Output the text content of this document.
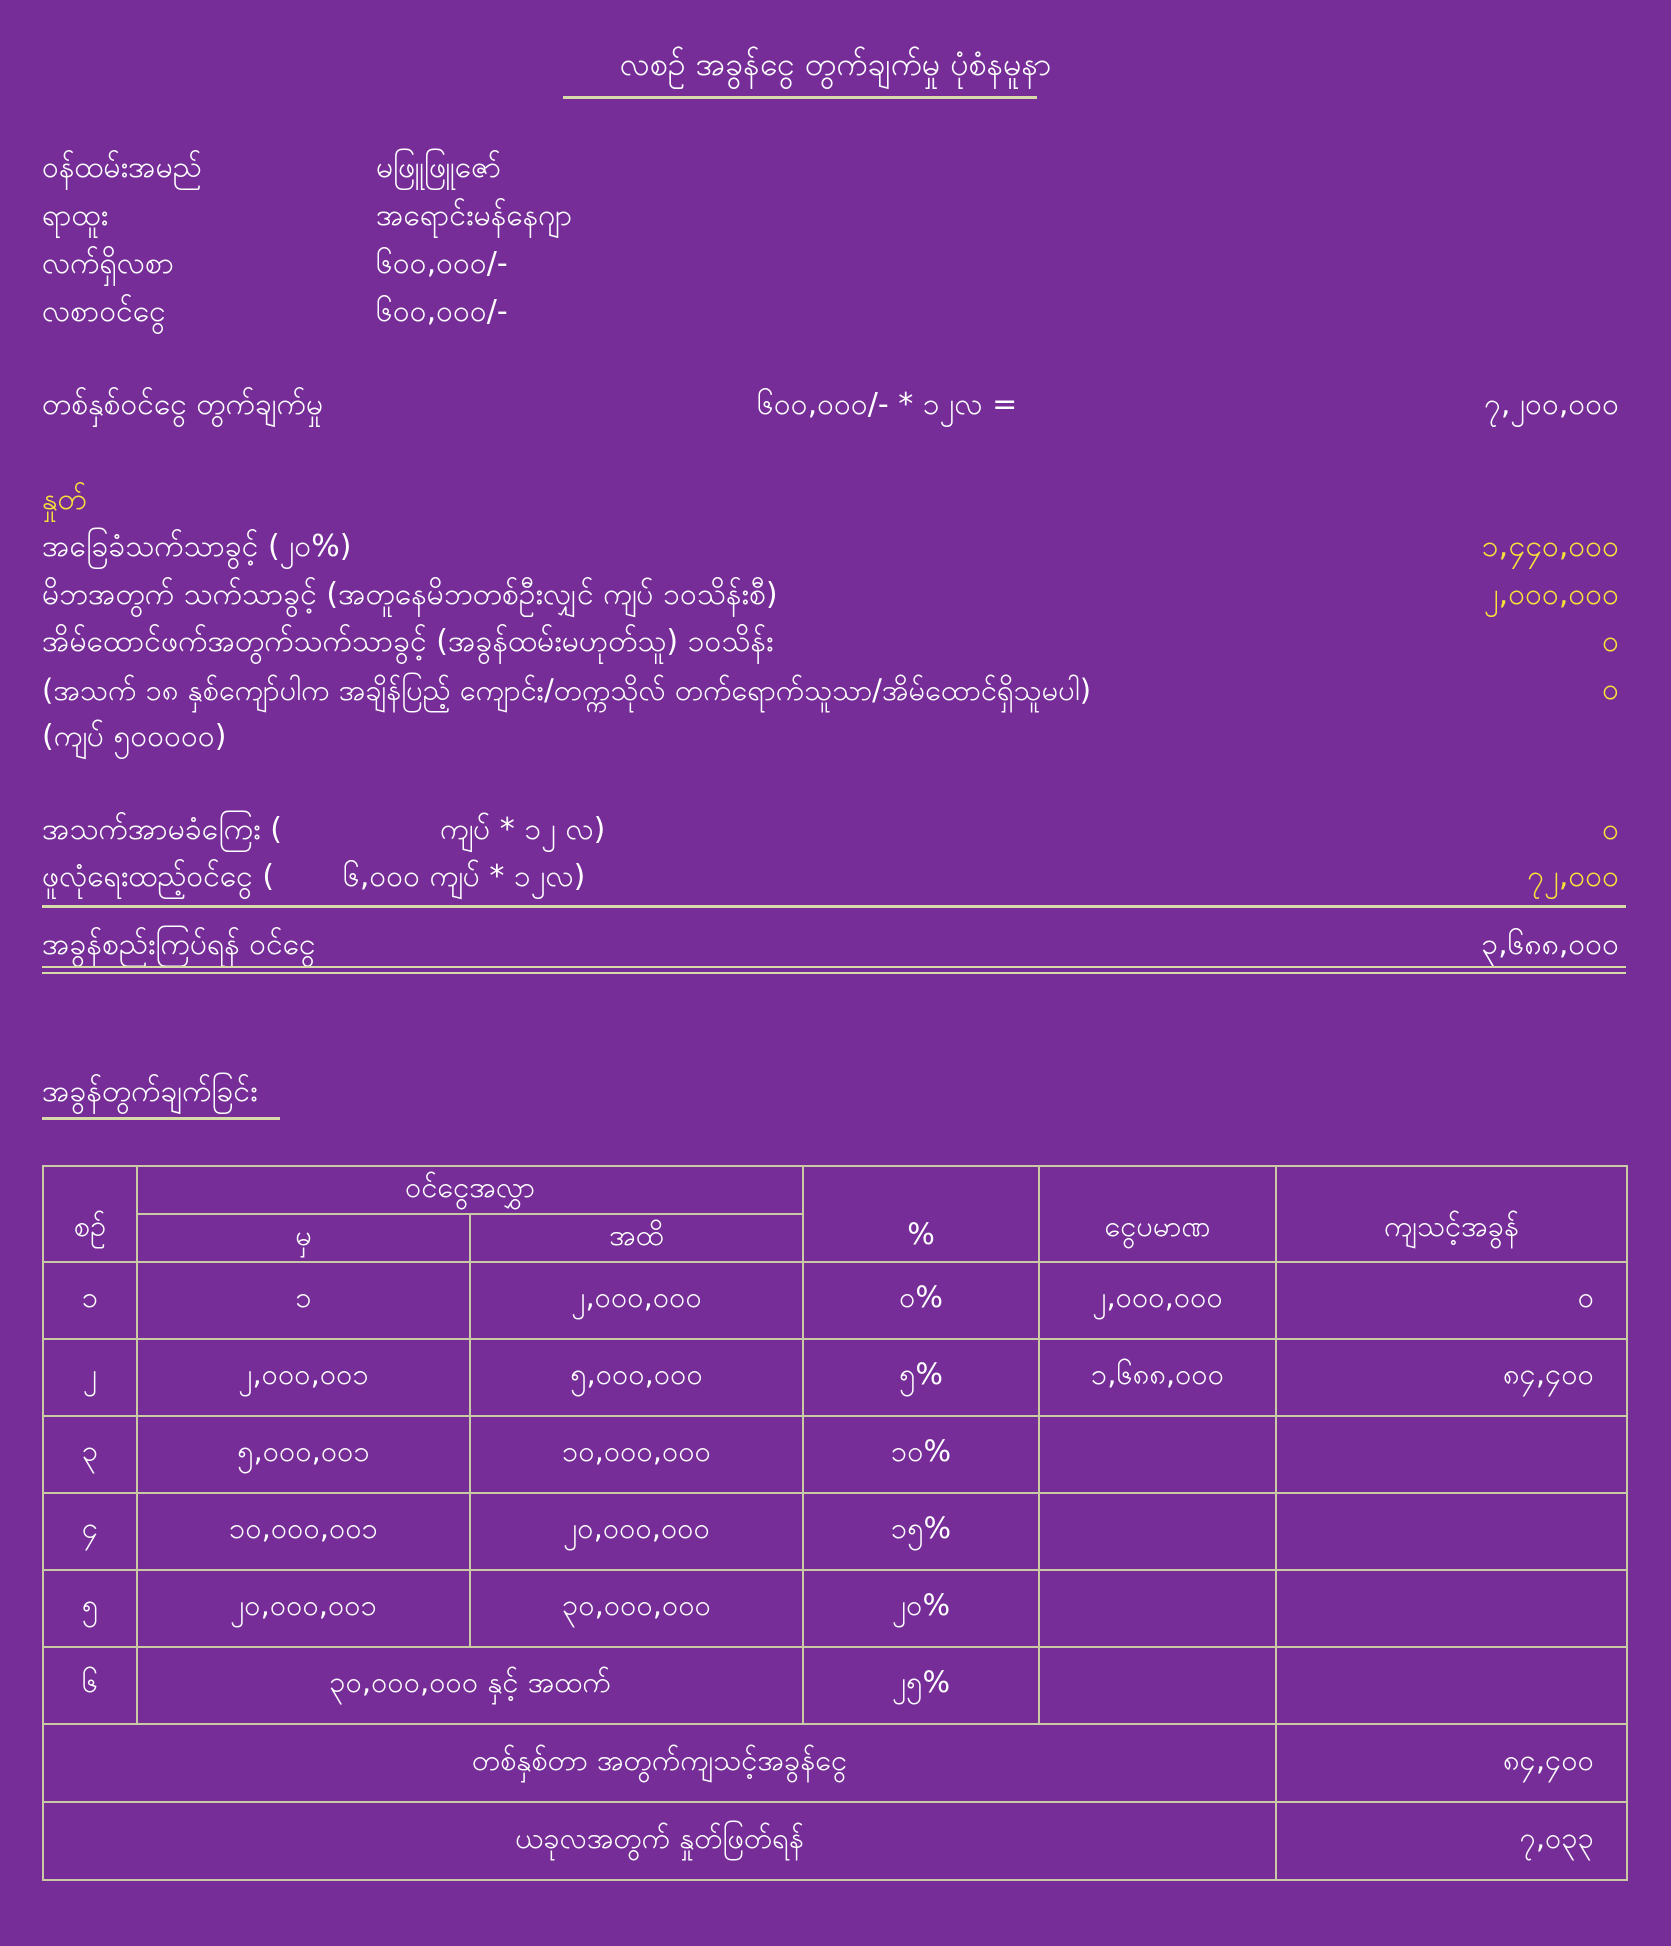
လစဉ် အခွန်ငွေ တွက်ချက်မှု ပုံစံနမူနာ
ဝန်ထမ်းအမည်	မဖြူဖြူဇော်
ရာထူး	အရောင်းမန်နေဂျာ
လက်ရှိလစာ	၆၀၀,၀၀၀/-
လစာဝင်ငွေ	၆၀၀,၀၀၀/-
တစ်နှစ်ဝင်ငွေ တွက်ချက်မှု	၆၀၀,၀၀၀/- * ၁၂လ =	၇,၂၀၀,၀၀၀
နှုတ်
အခြေခံသက်သာခွင့် (၂၀%)	၁,၄၄၀,၀၀၀
မိဘအတွက် သက်သာခွင့် (အတူနေမိဘတစ်ဦးလျှင် ကျပ် ၁၀သိန်းစီ)	၂,၀၀၀,၀၀၀
အိမ်ထောင်ဖက်အတွက်သက်သာခွင့် (အခွန်ထမ်းမဟုတ်သူ) ၁၀သိန်း	၀
(အသက် ၁၈ နှစ်ကျော်ပါက အချိန်ပြည့် ကျောင်း/တက္ကသိုလ် တက်ရောက်သူသာ/အိမ်ထောင်ရှိသူမပါ)	၀
(ကျပ် ၅၀၀၀၀၀)
အသက်အာမခံကြေး (	ကျပ် * ၁၂ လ)	၀
ဖူလုံရေးထည့်ဝင်ငွေ ( ၆,၀၀၀ ကျပ် * ၁၂လ)	၇၂,၀၀၀
အခွန်စည်းကြပ်ရန် ဝင်ငွေ	၃,၆၈၈,၀၀၀
အခွန်တွက်ချက်ခြင်း
စဉ်	ဝင်ငွေအလွှာ		%	ငွေပမာဏ	ကျသင့်အခွန်
	မှ	အထိ			
၁	၁	၂,၀၀၀,၀၀၀	၀%	၂,၀၀၀,၀၀၀	၀
၂	၂,၀၀၀,၀၀၁	၅,၀၀၀,၀၀၀	၅%	၁,၆၈၈,၀၀၀	၈၄,၄၀၀
၃	၅,၀၀၀,၀၀၁	၁၀,၀၀၀,၀၀၀	၁၀%		
၄	၁၀,၀၀၀,၀၀၁	၂၀,၀၀၀,၀၀၀	၁၅%		
၅	၂၀,၀၀၀,၀၀၁	၃၀,၀၀၀,၀၀၀	၂၀%		
၆	၃၀,၀၀၀,၀၀၀ နှင့် အထက်		၂၅%		
တစ်နှစ်တာ အတွက်ကျသင့်အခွန်ငွေ					၈၄,၄၀၀
ယခုလအတွက် နှုတ်ဖြတ်ရန်					၇,၀၃၃
